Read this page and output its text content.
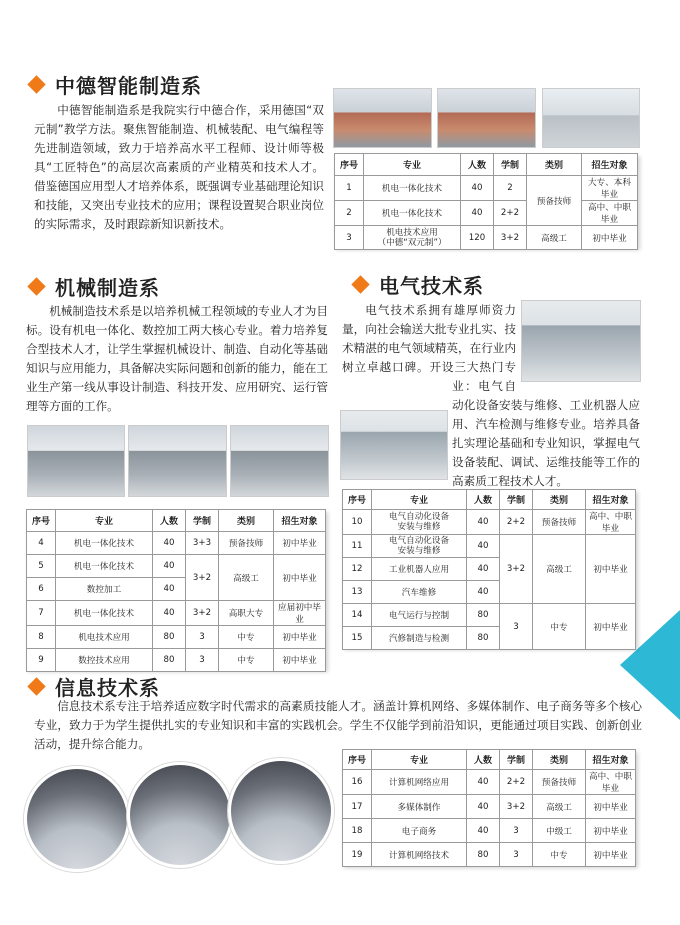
中德智能制造系
中德智能制造系是我院实行中德合作，采用德国“双元制”教学方法。聚焦智能制造、机械装配、电气编程等先进制造领域，致力于培养高水平工程师、设计师等极具“工匠特色”的高层次高素质的产业精英和技术人才。借鉴德国应用型人才培养体系，既强调专业基础理论知识和技能，又突出专业技术的应用；课程设置契合职业岗位的实际需求，及时跟踪新知识新技术。
序号	专业	人数	学制	类别	招生对象
1	机电一体化技术	40	2	预备技师	大专、本科毕业
2	机电一体化技术	40	2+2		高中、中职毕业
3	机电技术应用
（中德“双元制”）	120	3+2	高级工	初中毕业
机械制造系
机械制造技术系是以培养机械工程领域的专业人才为目标。设有机电一体化、数控加工两大核心专业。着力培养复合型技术人才，让学生掌握机械设计、制造、自动化等基础知识与应用能力，具备解决实际问题和创新的能力，能在工业生产第一线从事设计制造、科技开发、应用研究、运行管理等方面的工作。
序号	专业	人数	学制	类别	招生对象
4	机电一体化技术	40	3+3	预备技师	初中毕业
5	机电一体化技术	40	3+2	高级工	初中毕业
6	数控加工	40			
7	机电一体化技术	40	3+2	高职大专	应届初中毕业
8	机电技术应用	80	3	中专	初中毕业
9	数控技术应用	80	3	中专	初中毕业
电气技术系
电气技术系拥有雄厚师资力量，向社会输送大批专业扎实、技术精湛的电气领域精英，在行业内树立卓越口碑。开设三大热门专业：电气自动化设备安装与维修、工业机器人应用、汽车检测与维修专业。培养具备扎实理论基础和专业知识，掌握电气设备装配、调试、运维技能等工作的高素质工程技术人才。
序号	专业	人数	学制	类别	招生对象
10	电气自动化设备
安装与维修	40	2+2	预备技师	高中、中职毕业
11	电气自动化设备
安装与维修	40	3+2	高级工	初中毕业
12	工业机器人应用	40			
13	汽车维修	40			
14	电气运行与控制	80	3	中专	初中毕业
15	汽修制造与检测	80			
信息技术系
信息技术系专注于培养适应数字时代需求的高素质技能人才。涵盖计算机网络、多媒体制作、电子商务等多个核心专业，致力于为学生提供扎实的专业知识和丰富的实践机会。学生不仅能学到前沿知识，更能通过项目实践、创新创业活动，提升综合能力。
序号	专业	人数	学制	类别	招生对象
16	计算机网络应用	40	2+2	预备技师	高中、中职毕业
17	多媒体制作	40	3+2	高级工	初中毕业
18	电子商务	40	3	中级工	初中毕业
19	计算机网络技术	80	3	中专	初中毕业
